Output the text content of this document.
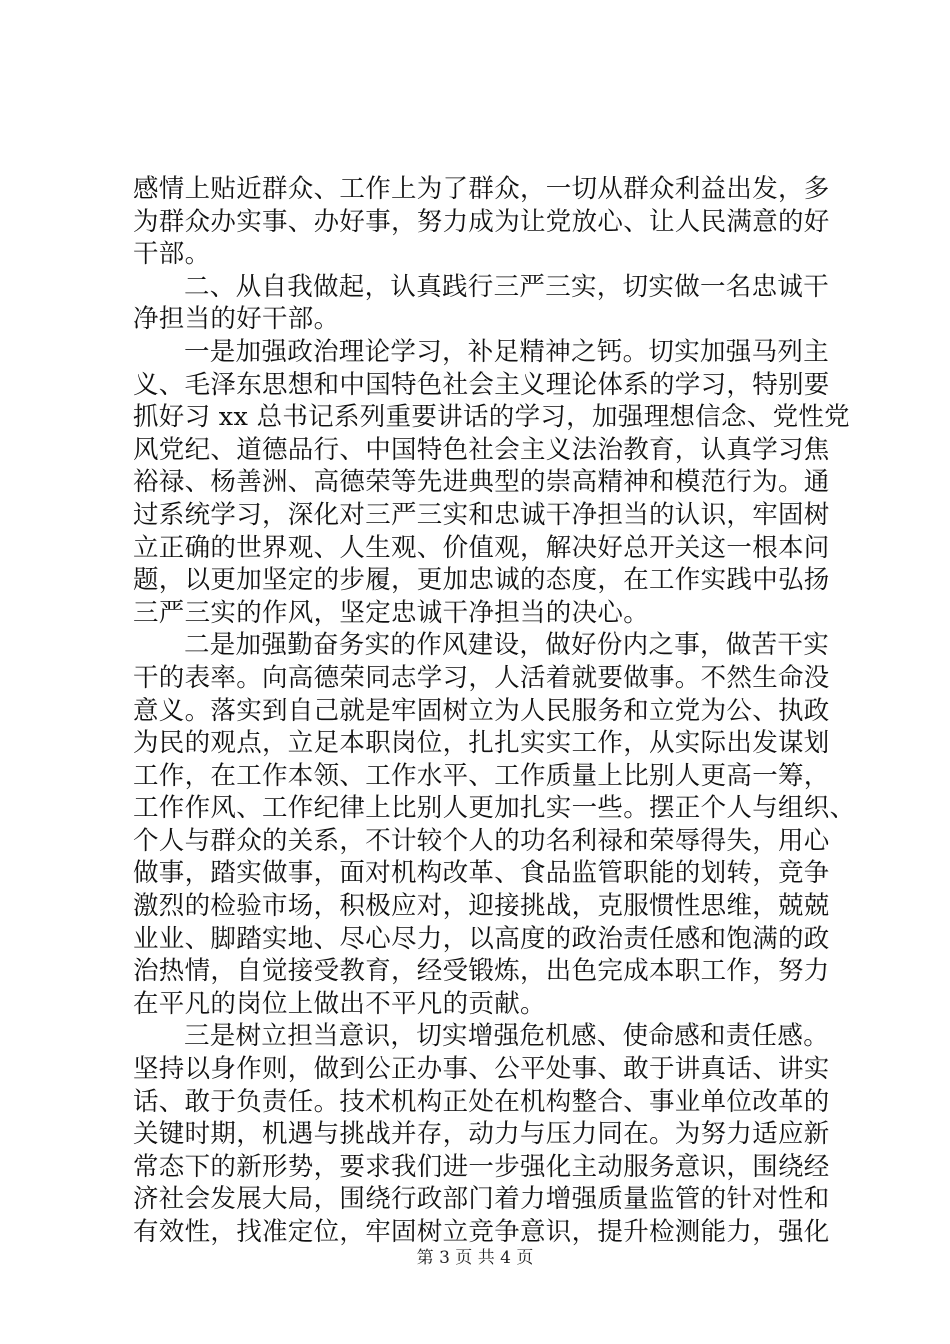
感情上贴近群众、工作上为了群众，一切从群众利益出发，多
为群众办实事、办好事，努力成为让党放心、让人民满意的好
干部。
二、从自我做起，认真践行三严三实，切实做一名忠诚干
净担当的好干部。
一是加强政治理论学习，补足精神之钙。切实加强马列主
义、毛泽东思想和中国特色社会主义理论体系的学习，特别要
抓好习 xx 总书记系列重要讲话的学习，加强理想信念、党性党
风党纪、道德品行、中国特色社会主义法治教育，认真学习焦
裕禄、杨善洲、高德荣等先进典型的崇高精神和模范行为。通
过系统学习，深化对三严三实和忠诚干净担当的认识，牢固树
立正确的世界观、人生观、价值观，解决好总开关这一根本问
题，以更加坚定的步履，更加忠诚的态度，在工作实践中弘扬
三严三实的作风，坚定忠诚干净担当的决心。
二是加强勤奋务实的作风建设，做好份内之事，做苦干实
干的表率。向高德荣同志学习，人活着就要做事。不然生命没
意义。落实到自己就是牢固树立为人民服务和立党为公、执政
为民的观点，立足本职岗位，扎扎实实工作，从实际出发谋划
工作，在工作本领、工作水平、工作质量上比别人更高一筹，
工作作风、工作纪律上比别人更加扎实一些。摆正个人与组织、
个人与群众的关系，不计较个人的功名利禄和荣辱得失，用心
做事，踏实做事，面对机构改革、食品监管职能的划转，竞争
激烈的检验市场，积极应对，迎接挑战，克服惯性思维，兢兢
业业、脚踏实地、尽心尽力，以高度的政治责任感和饱满的政
治热情，自觉接受教育，经受锻炼，出色完成本职工作，努力
在平凡的岗位上做出不平凡的贡献。
三是树立担当意识，切实增强危机感、使命感和责任感。
坚持以身作则，做到公正办事、公平处事、敢于讲真话、讲实
话、敢于负责任。技术机构正处在机构整合、事业单位改革的
关键时期，机遇与挑战并存，动力与压力同在。为努力适应新
常态下的新形势，要求我们进一步强化主动服务意识，围绕经
济社会发展大局，围绕行政部门着力增强质量监管的针对性和
有效性，找准定位，牢固树立竞争意识，提升检测能力，强化
第 3 页 共 4 页
